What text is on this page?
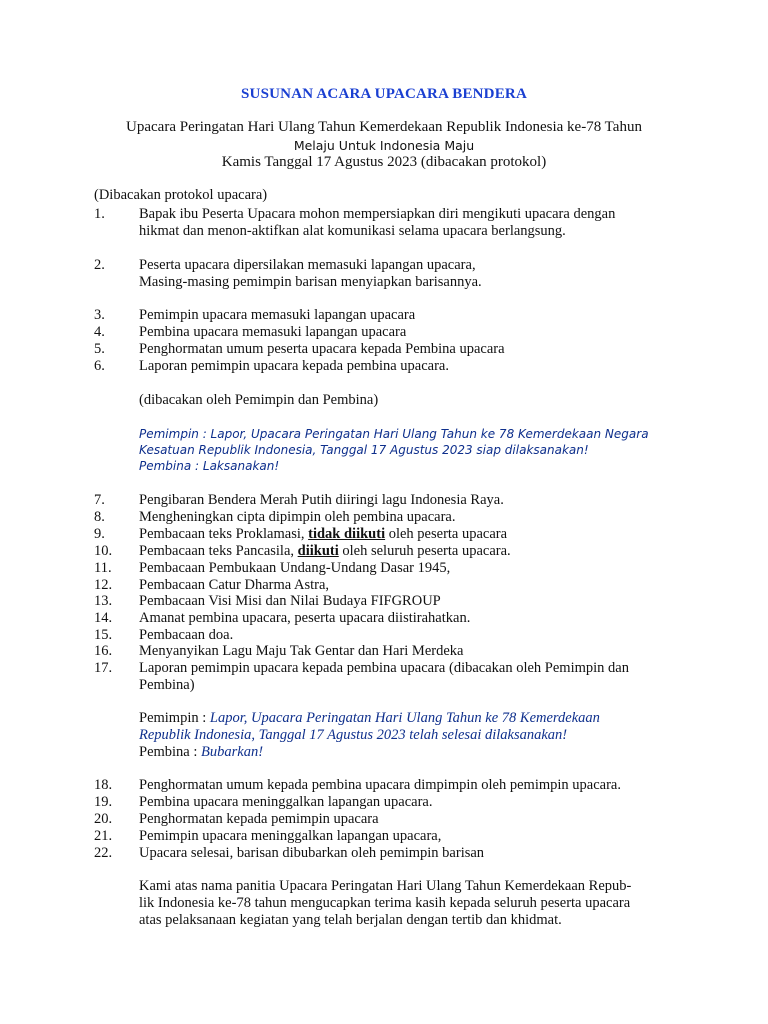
SUSUNAN ACARA UPACARA BENDERA
Upacara Peringatan Hari Ulang Tahun Kemerdekaan Republik Indonesia ke-78 Tahun
Melaju Untuk Indonesia Maju
Kamis Tanggal 17 Agustus 2023 (dibacakan protokol)
(Dibacakan protokol upacara)
1.	Bapak ibu Peserta Upacara mohon mempersiapkan diri mengikuti upacara dengan
hikmat dan menon-aktifkan alat komunikasi selama upacara berlangsung.
2.	Peserta upacara dipersilakan memasuki lapangan upacara,
Masing-masing pemimpin barisan menyiapkan barisannya.
3.	Pemimpin upacara memasuki lapangan upacara
4.	Pembina upacara memasuki lapangan upacara
5.	Penghormatan umum peserta upacara kepada Pembina upacara
6.	Laporan pemimpin upacara kepada pembina upacara.
(dibacakan oleh Pemimpin dan Pembina)
Pemimpin : Lapor, Upacara Peringatan Hari Ulang Tahun ke 78 Kemerdekaan Negara
Kesatuan Republik Indonesia, Tanggal 17 Agustus 2023 siap dilaksanakan!
Pembina : Laksanakan!
7.	Pengibaran Bendera Merah Putih diiringi lagu Indonesia Raya.
8.	Mengheningkan cipta dipimpin oleh pembina upacara.
9.	Pembacaan teks Proklamasi, tidak diikuti oleh peserta upacara
10.	Pembacaan teks Pancasila, diikuti oleh seluruh peserta upacara.
11.	Pembacaan Pembukaan Undang-Undang Dasar 1945,
12.	Pembacaan Catur Dharma Astra,
13.	Pembacaan Visi Misi dan Nilai Budaya FIFGROUP
14.	Amanat pembina upacara, peserta upacara diistirahatkan.
15.	Pembacaan doa.
16.	Menyanyikan Lagu Maju Tak Gentar dan Hari Merdeka
17.	Laporan pemimpin upacara kepada pembina upacara (dibacakan oleh Pemimpin dan
Pembina)
Pemimpin : Lapor, Upacara Peringatan Hari Ulang Tahun ke 78 Kemerdekaan
Republik Indonesia, Tanggal 17 Agustus 2023 telah selesai dilaksanakan!
Pembina : Bubarkan!
18.	Penghormatan umum kepada pembina upacara dimpimpin oleh pemimpin upacara.
19.	Pembina upacara meninggalkan lapangan upacara.
20.	Penghormatan kepada pemimpin upacara
21.	Pemimpin upacara meninggalkan lapangan upacara,
22.	Upacara selesai, barisan dibubarkan oleh pemimpin barisan
Kami atas nama panitia Upacara Peringatan Hari Ulang Tahun Kemerdekaan Repub-
lik Indonesia ke-78 tahun mengucapkan terima kasih kepada seluruh peserta upacara
atas pelaksanaan kegiatan yang telah berjalan dengan tertib dan khidmat.
